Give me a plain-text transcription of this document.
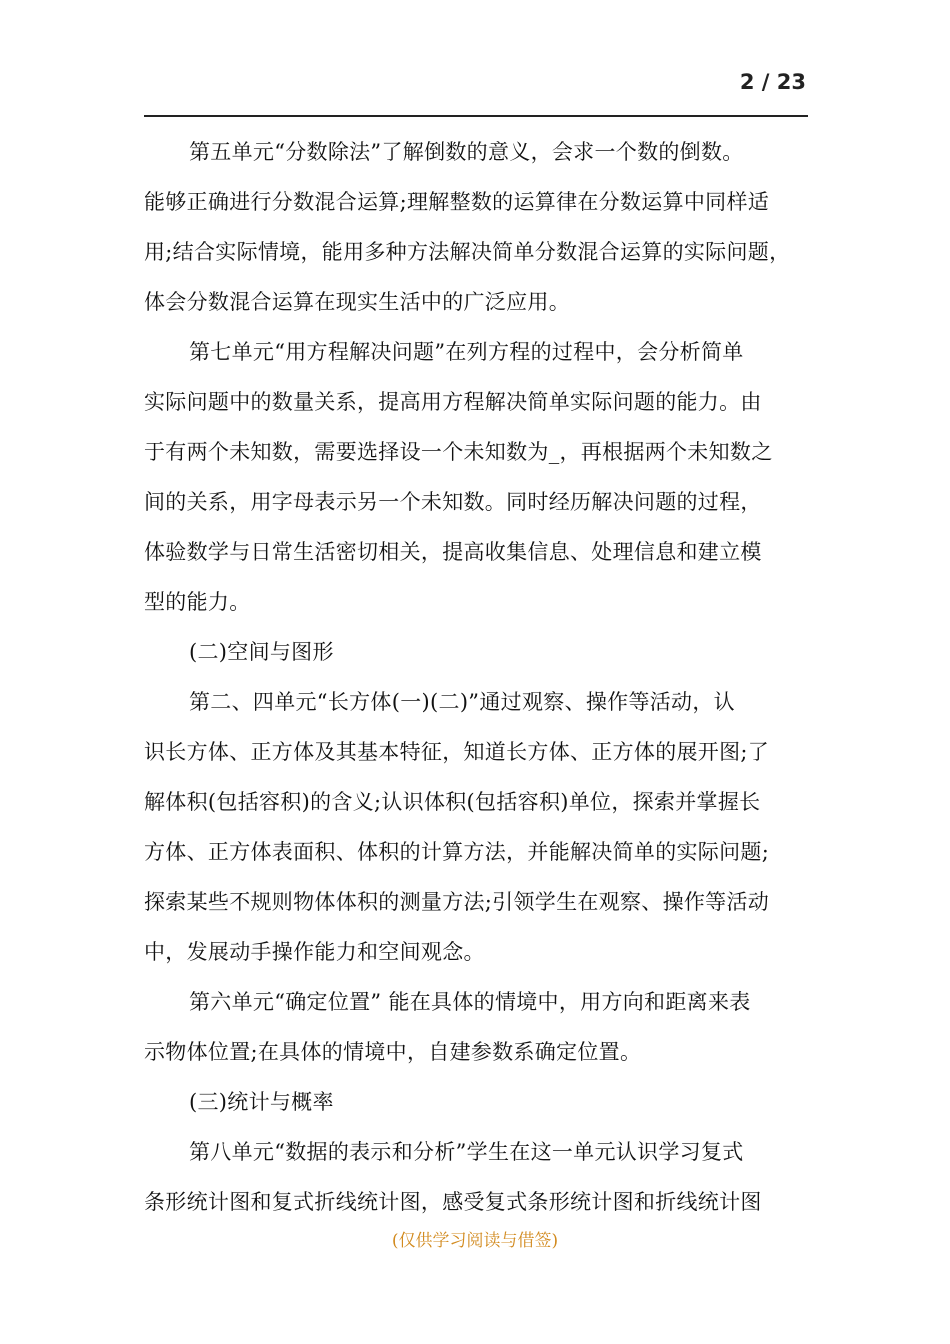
2 / 23

第五单元“分数除法”了解倒数的意义，会求一个数的倒数。

能够正确进行分数混合运算;理解整数的运算律在分数运算中同样适

用;结合实际情境，能用多种方法解决简单分数混合运算的实际问题，

体会分数混合运算在现实生活中的广泛应用。

第七单元“用方程解决问题”在列方程的过程中，会分析简单

实际问题中的数量关系，提高用方程解决简单实际问题的能力。由

于有两个未知数，需要选择设一个未知数为_，再根据两个未知数之

间的关系，用字母表示另一个未知数。同时经历解决问题的过程，

体验数学与日常生活密切相关，提高收集信息、处理信息和建立模

型的能力。

(二)空间与图形

第二、四单元“长方体(一)(二)”通过观察、操作等活动，认

识长方体、正方体及其基本特征，知道长方体、正方体的展开图;了

解体积(包括容积)的含义;认识体积(包括容积)单位，探索并掌握长

方体、正方体表面积、体积的计算方法，并能解决简单的实际问题;

探索某些不规则物体体积的测量方法;引领学生在观察、操作等活动

中，发展动手操作能力和空间观念。

第六单元“确定位置” 能在具体的情境中，用方向和距离来表

示物体位置;在具体的情境中，自建参数系确定位置。

(三)统计与概率

第八单元“数据的表示和分析”学生在这一单元认识学习复式

条形统计图和复式折线统计图，感受复式条形统计图和折线统计图

(仅供学习阅读与借签)
